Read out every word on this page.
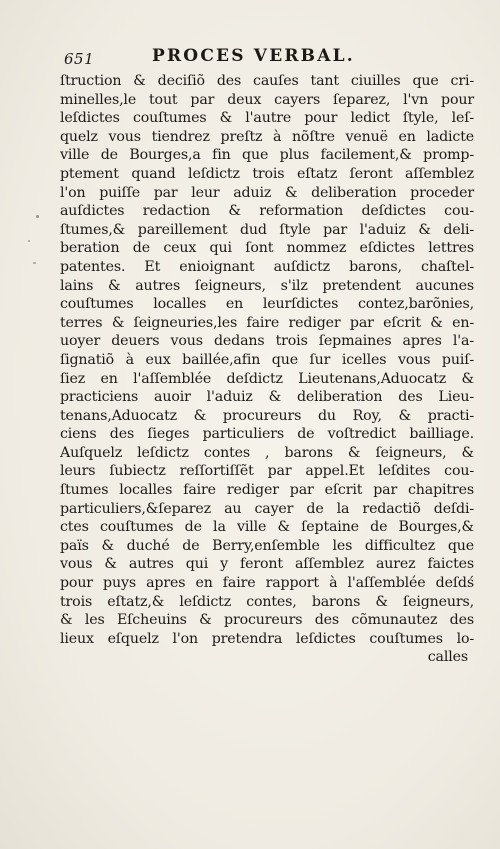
651	PROCES VERBAL.
ſtruction & deciſiõ des cauſes tant ciuilles que cri-
minelles,le tout par deux cayers ſeparez, l'vn pour
leſdictes couſtumes & l'autre pour ledict ſtyle, leſ-
quelz vous tiendrez preſtz à nõſtre venuë en ladicte
ville de Bourges,a fin que plus facilement,& promp-
ptement quand leſdictz trois eſtatz ſeront aſſemblez
l'on puiſſe par leur aduiz & deliberation proceder
auſdictes redaction & reformation deſdictes cou-
ſtumes,& pareillement dud ſtyle par l'aduiz & deli-
beration de ceux qui ſont nommez eſdictes lettres
patentes. Et enioignant auſdictz barons, chaſtel-
lains & autres ſeigneurs, s'ilz pretendent aucunes
couſtumes localles en leurſdictes contez,barõnies,
terres & ſeigneuries,les faire rediger par eſcrit & en-
uoyer deuers vous dedans trois ſepmaines apres l'a-
ſignatiõ à eux baillée,afin que ſur icelles vous puiſ-
ſiez en l'aſſemblée deſdictz Lieutenans,Aduocatz &
practiciens auoir l'aduiz & deliberation des Lieu-
tenans,Aduocatz & procureurs du Roy, & practi-
ciens des ſieges particuliers de voſtredict bailliage.
Auſquelz leſdictz contes , barons & ſeigneurs, &
leurs ſubiectz reſſortiſſẽt par appel.Et leſdites cou-
ſtumes localles faire rediger par eſcrit par chapitres
particuliers,&ſeparez au cayer de la redactiõ deſdi-
ctes couſtumes de la ville & ſeptaine de Bourges,&
païs & duché de Berry,enſemble les difficultez que
vous & autres qui y feront aſſemblez aurez faictes
pour puys apres en faire rapport à l'aſſemblée deſdś
trois eſtatz,& leſdictz contes, barons & ſeigneurs,
& les Eſcheuins & procureurs des cõmunautez des
lieux eſquelz l'on pretendra leſdictes couſtumes lo-
calles
